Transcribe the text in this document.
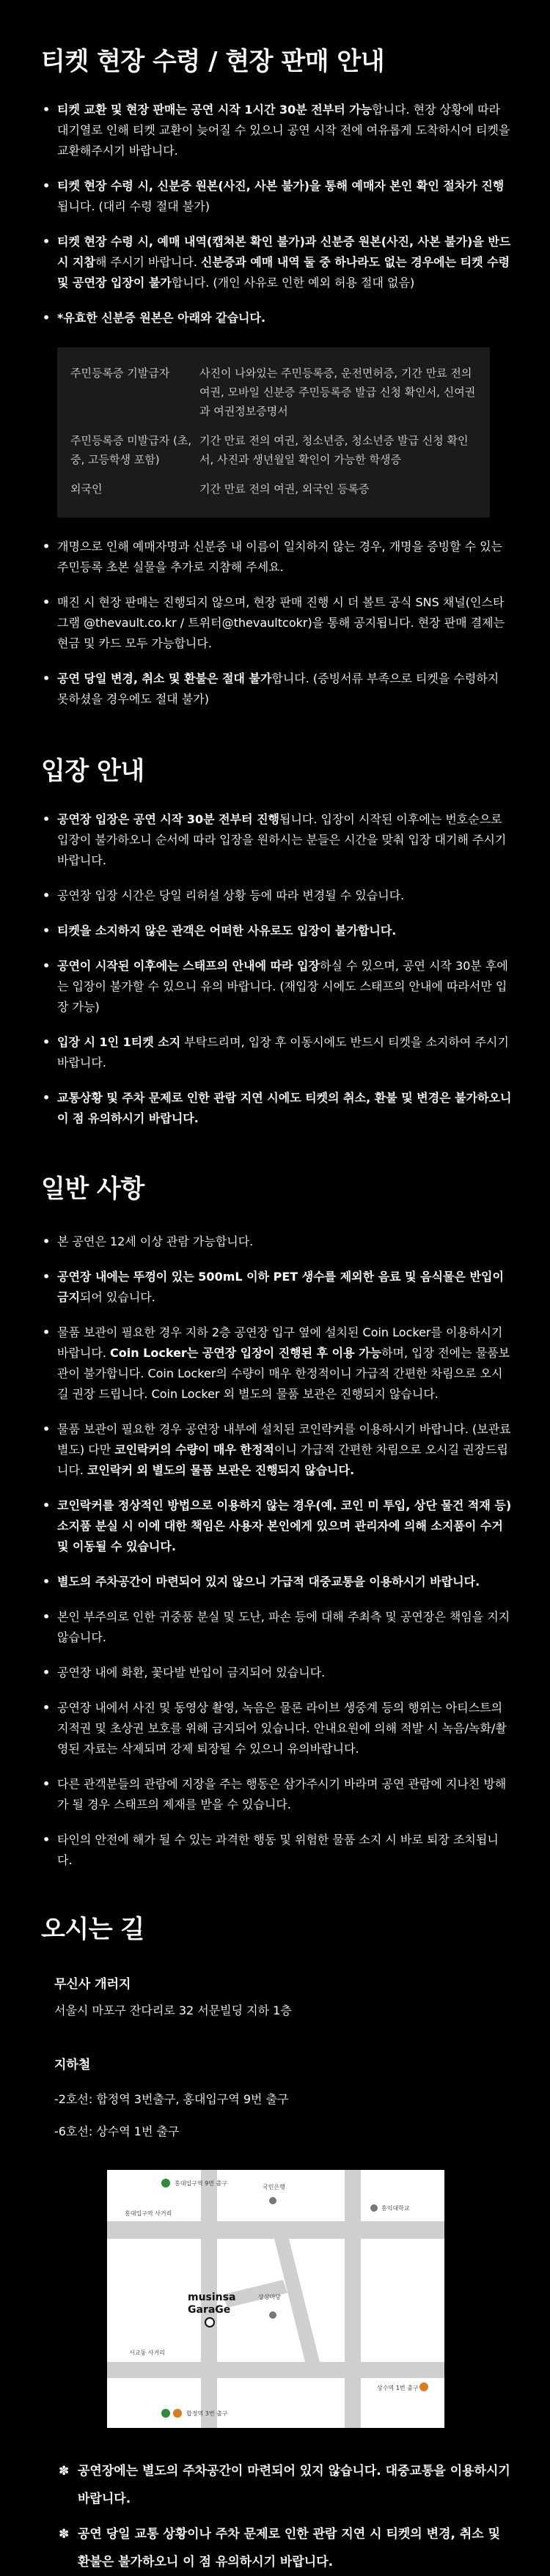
티켓 현장 수령 / 현장 판매 안내
• 티켓 교환 및 현장 판매는 공연 시작 1시간 30분 전부터 가능합니다. 현장 상황에 따라 대기열로 인해 티켓 교환이 늦어질 수 있으니 공연 시작 전에 여유롭게 도착하시어 티켓을 교환해주시기 바랍니다.
• 티켓 현장 수령 시, 신분증 원본(사진, 사본 불가)을 통해 예매자 본인 확인 절차가 진행됩니다. (대리 수령 절대 불가)
• 티켓 현장 수령 시, 예매 내역(캡쳐본 확인 불가)과 신분증 원본(사진, 사본 불가)을 반드시 지참해 주시기 바랍니다. 신분증과 예매 내역 둘 중 하나라도 없는 경우에는 티켓 수령 및 공연장 입장이 불가합니다. (개인 사유로 인한 예외 허용 절대 없음)
• *유효한 신분증 원본은 아래와 같습니다.
주민등록증 기발급자	사진이 나와있는 주민등록증, 운전면허증, 기간 만료 전의 여권, 모바일 신분증 주민등록증 발급 신청 확인서, 신여권과 여권정보증명서
주민등록증 미발급자 (초, 중, 고등학생 포함)
기간 만료 전의 여권, 청소년증, 청소년증 발급 신청 확인서, 사진과 생년월일 확인이 가능한 학생증
외국인	기간 만료 전의 여권, 외국인 등록증
• 개명으로 인해 예매자명과 신분증 내 이름이 일치하지 않는 경우, 개명을 증빙할 수 있는 주민등록 초본 실물을 추가로 지참해 주세요.
• 매진 시 현장 판매는 진행되지 않으며, 현장 판매 진행 시 더 볼트 공식 SNS 채널(인스타그램 @thevault.co.kr / 트위터@thevaultcokr)을 통해 공지됩니다. 현장 판매 결제는 현금 및 카드 모두 가능합니다.
• 공연 당일 변경, 취소 및 환불은 절대 불가합니다. (증빙서류 부족으로 티켓을 수령하지 못하셨을 경우에도 절대 불가)
입장 안내
• 공연장 입장은 공연 시작 30분 전부터 진행됩니다. 입장이 시작된 이후에는 번호순으로 입장이 불가하오니 순서에 따라 입장을 원하시는 분들은 시간을 맞춰 입장 대기해 주시기 바랍니다.
• 공연장 입장 시간은 당일 리허설 상황 등에 따라 변경될 수 있습니다.
• 티켓을 소지하지 않은 관객은 어떠한 사유로도 입장이 불가합니다.
• 공연이 시작된 이후에는 스태프의 안내에 따라 입장하실 수 있으며, 공연 시작 30분 후에는 입장이 불가할 수 있으니 유의 바랍니다. (재입장 시에도 스태프의 안내에 따라서만 입장 가능)
• 입장 시 1인 1티켓 소지 부탁드리며, 입장 후 이동시에도 반드시 티켓을 소지하여 주시기 바랍니다.
• 교통상황 및 주차 문제로 인한 관람 지연 시에도 티켓의 취소, 환불 및 변경은 불가하오니 이 점 유의하시기 바랍니다.
일반 사항
• 본 공연은 12세 이상 관람 가능합니다.
• 공연장 내에는 뚜껑이 있는 500mL 이하 PET 생수를 제외한 음료 및 음식물은 반입이 금지되어 있습니다.
• 물품 보관이 필요한 경우 지하 2층 공연장 입구 옆에 설치된 Coin Locker를 이용하시기 바랍니다. Coin Locker는 공연장 입장이 진행된 후 이용 가능하며, 입장 전에는 물품보관이 불가합니다. Coin Locker의 수량이 매우 한정적이니 가급적 간편한 차림으로 오시길 권장 드립니다. Coin Locker 외 별도의 물품 보관은 진행되지 않습니다.
• 물품 보관이 필요한 경우 공연장 내부에 설치된 코인락커를 이용하시기 바랍니다. (보관료 별도) 다만 코인락커의 수량이 매우 한정적이니 가급적 간편한 차림으로 오시길 권장드립니다. 코인락커 외 별도의 물품 보관은 진행되지 않습니다.
• 코인락커를 정상적인 방법으로 이용하지 않는 경우(예. 코인 미 투입, 상단 물건 적재 등) 소지품 분실 시 이에 대한 책임은 사용자 본인에게 있으며 관리자에 의해 소지품이 수거 및 이동될 수 있습니다.
• 별도의 주차공간이 마련되어 있지 않으니 가급적 대중교통을 이용하시기 바랍니다.
• 본인 부주의로 인한 귀중품 분실 및 도난, 파손 등에 대해 주최측 및 공연장은 책임을 지지 않습니다.
• 공연장 내에 화환, 꽃다발 반입이 금지되어 있습니다.
• 공연장 내에서 사진 및 동영상 촬영, 녹음은 물론 라이브 생중계 등의 행위는 아티스트의 지적권 및 초상권 보호를 위해 금지되어 있습니다. 안내요원에 의해 적발 시 녹음/녹화/촬영된 자료는 삭제되며 강제 퇴장될 수 있으니 유의바랍니다.
• 다른 관객분들의 관람에 지장을 주는 행동은 삼가주시기 바라며 공연 관람에 지나친 방해가 될 경우 스태프의 제재를 받을 수 있습니다.
• 타인의 안전에 해가 될 수 있는 과격한 행동 및 위험한 물품 소지 시 바로 퇴장 조치됩니다.
오시는 길
무신사 개러지
서울시 마포구 잔다리로 32 서문빌딩 지하 1층
지하철
-2호선: 합정역 3번출구, 홍대입구역 9번 출구
-6호선: 상수역 1번 출구
홍대입구역 9번 출구
홍대입구역 사거리
국민은행
홍익대학교
서교동 사거리
상상마당
상수역 1번 출구
합정역 3번 출구
musinsa
GaraGe
✽ 공연장에는 별도의 주차공간이 마련되어 있지 않습니다. 대중교통을 이용하시기 바랍니다.
✽ 공연 당일 교통 상황이나 주차 문제로 인한 관람 지연 시 티켓의 변경, 취소 및 환불은 불가하오니 이 점 유의하시기 바랍니다.
